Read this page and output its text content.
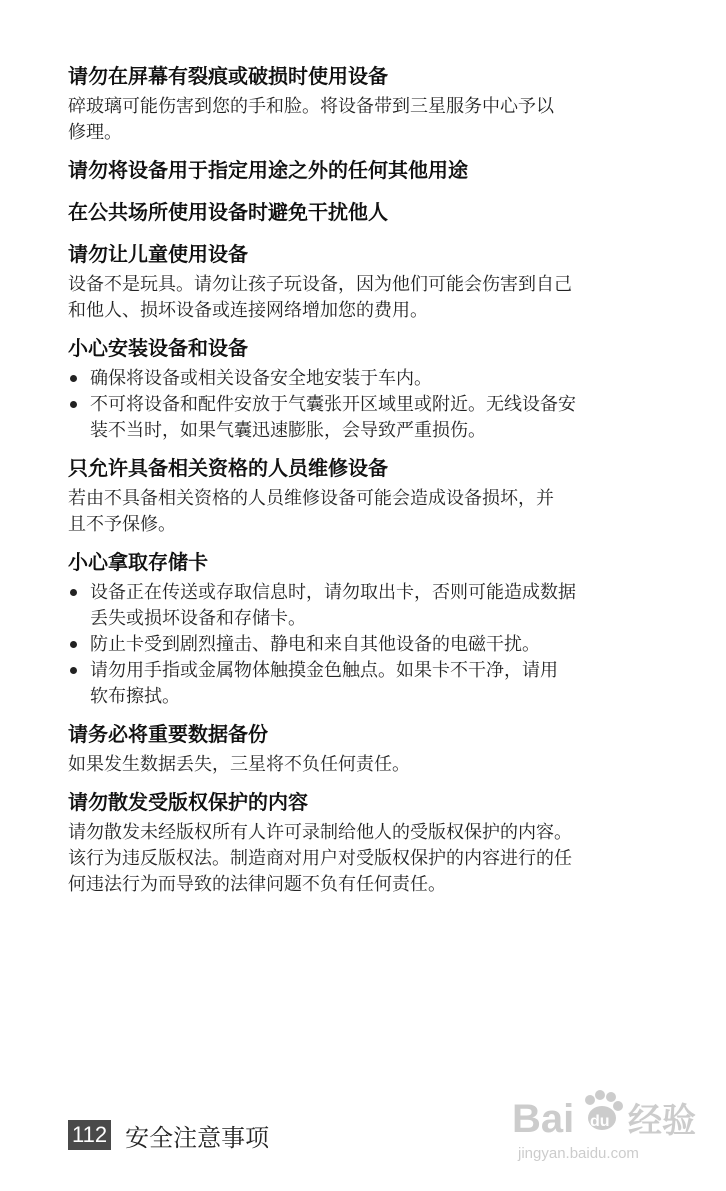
请勿在屏幕有裂痕或破损时使用设备
碎玻璃可能伤害到您的手和脸。将设备带到三星服务中心予以
修理。
请勿将设备用于指定用途之外的任何其他用途
在公共场所使用设备时避免干扰他人
请勿让儿童使用设备
设备不是玩具。请勿让孩子玩设备，因为他们可能会伤害到自己
和他人、损坏设备或连接网络增加您的费用。
小心安装设备和设备
确保将设备或相关设备安全地安装于车内。
不可将设备和配件安放于气囊张开区域里或附近。无线设备安
装不当时，如果气囊迅速膨胀，会导致严重损伤。
只允许具备相关资格的人员维修设备
若由不具备相关资格的人员维修设备可能会造成设备损坏，并
且不予保修。
小心拿取存储卡
设备正在传送或存取信息时，请勿取出卡，否则可能造成数据
丢失或损坏设备和存储卡。
防止卡受到剧烈撞击、静电和来自其他设备的电磁干扰。
请勿用手指或金属物体触摸金色触点。如果卡不干净，请用
软布擦拭。
请务必将重要数据备份
如果发生数据丢失，三星将不负任何责任。
请勿散发受版权保护的内容
请勿散发未经版权所有人许可录制给他人的受版权保护的内容。
该行为违反版权法。制造商对用户对受版权保护的内容进行的任
何违法行为而导致的法律问题不负有任何责任。
112 安全注意事项	Bai du 经验
jingyan.baidu.com
